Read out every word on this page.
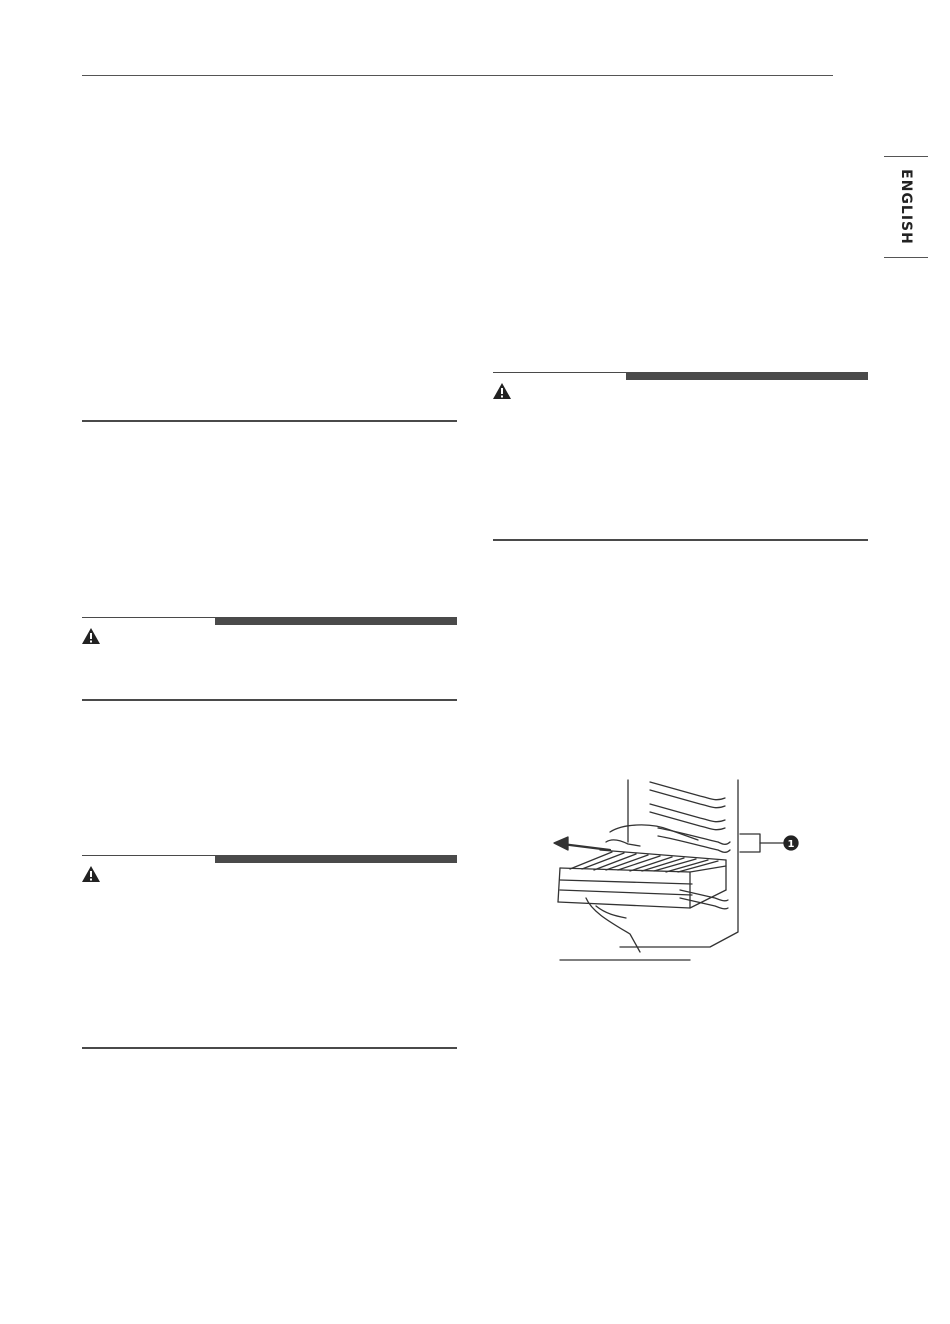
ENGLISH
1
